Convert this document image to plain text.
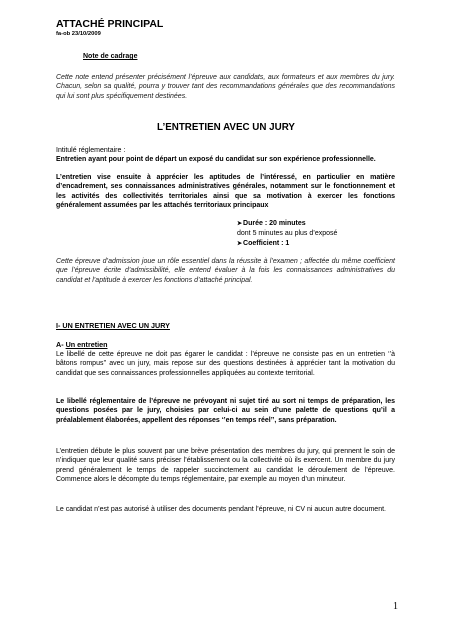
ATTACHÉ PRINCIPAL
fa-ob 23/10/2009
Note de cadrage
Cette note entend présenter précisément l’épreuve aux candidats, aux formateurs et aux membres du jury. Chacun, selon sa qualité, pourra y trouver tant des recommandations générales que des recommandations qui lui sont plus spécifiquement destinées.
L’ENTRETIEN AVEC UN JURY
Intitulé réglementaire :
Entretien ayant pour point de départ un exposé du candidat sur son expérience professionnelle.
L’entretien vise ensuite à apprécier les aptitudes de l’intéressé, en particulier en matière d’encadrement, ses connaissances administratives générales, notamment sur le fonctionnement et les activités des collectivités territoriales ainsi que sa motivation à exercer les fonctions généralement assumées par les attachés territoriaux principaux
➤Durée : 20 minutes
dont 5 minutes au plus d’exposé
➤Coefficient : 1
Cette épreuve d’admission joue un rôle essentiel dans la réussite à l’examen ; affectée du même coefficient que l’épreuve écrite d’admissibilité, elle entend évaluer à la fois les connaissances administratives du candidat et l’aptitude à exercer les fonctions d’attaché principal.
I- UN ENTRETIEN AVEC UN JURY
A- Un entretien
Le libellé de cette épreuve ne doit pas égarer le candidat : l’épreuve ne consiste pas en un entretien ‘’à bâtons rompus’’ avec un jury, mais repose sur des questions destinées à apprécier tant la motivation du candidat que ses connaissances professionnelles appliquées au contexte territorial.
Le libellé réglementaire de l’épreuve ne prévoyant ni sujet tiré au sort ni temps de préparation, les questions posées par le jury, choisies par celui-ci au sein d’une palette de questions qu’il a préalablement élaborées, appellent des réponses ‘’en temps réel’’, sans préparation.
L’entretien débute le plus souvent par une brève présentation des membres du jury, qui prennent le soin de n’indiquer que leur qualité sans préciser l’établissement ou la collectivité où ils exercent. Un membre du jury prend généralement le temps de rappeler succinctement au candidat le déroulement de l’épreuve. Commence alors le décompte du temps réglementaire, par exemple au moyen d’un minuteur.
Le candidat n’est pas autorisé à utiliser des documents pendant l’épreuve, ni CV ni aucun autre document.
1
